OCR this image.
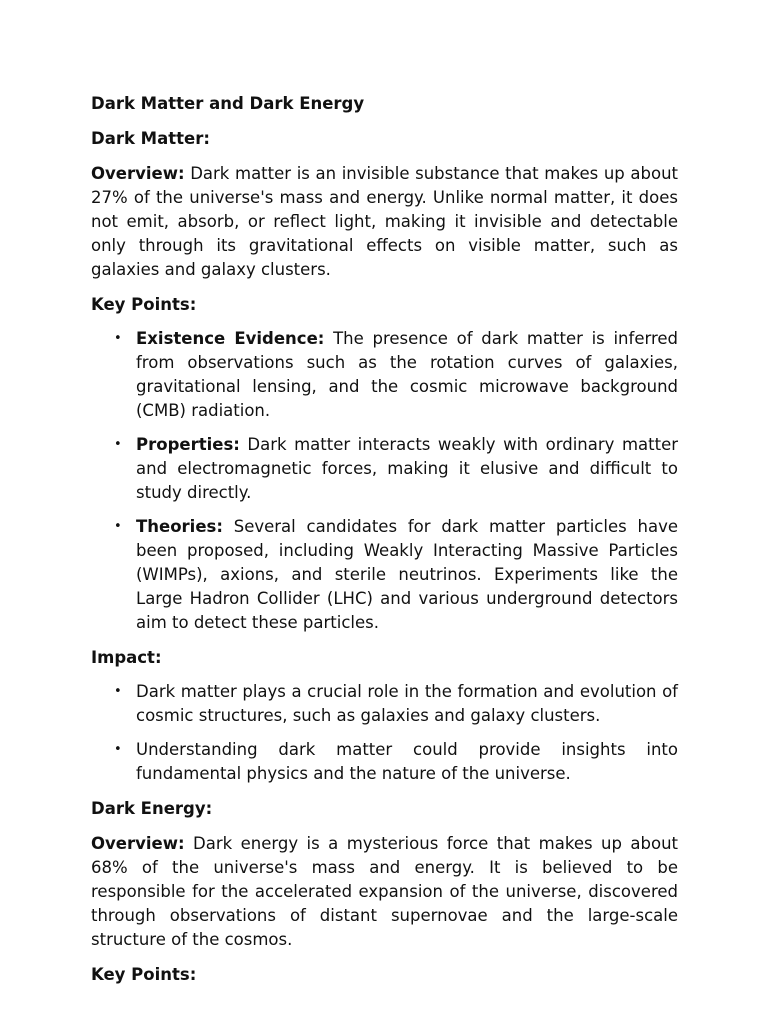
Dark Matter and Dark Energy
Dark Matter:

Overview: Dark matter is an invisible substance that makes up about 27% of the universe's mass and energy. Unlike normal matter, it does not emit, absorb, or reflect light, making it invisible and detectable only through its gravitational effects on visible matter, such as galaxies and galaxy clusters.

Key Points:
• Existence Evidence: The presence of dark matter is inferred from observations such as the rotation curves of galaxies, gravitational lensing, and the cosmic microwave background (CMB) radiation.
• Properties: Dark matter interacts weakly with ordinary matter and electromagnetic forces, making it elusive and difficult to study directly.
• Theories: Several candidates for dark matter particles have been proposed, including Weakly Interacting Massive Particles (WIMPs), axions, and sterile neutrinos. Experiments like the Large Hadron Collider (LHC) and various underground detectors aim to detect these particles.
Impact:
• Dark matter plays a crucial role in the formation and evolution of cosmic structures, such as galaxies and galaxy clusters.
• Understanding dark matter could provide insights into fundamental physics and the nature of the universe.
Dark Energy:

Overview: Dark energy is a mysterious force that makes up about 68% of the universe's mass and energy. It is believed to be responsible for the accelerated expansion of the universe, discovered through observations of distant supernovae and the large-scale structure of the cosmos.

Key Points:
